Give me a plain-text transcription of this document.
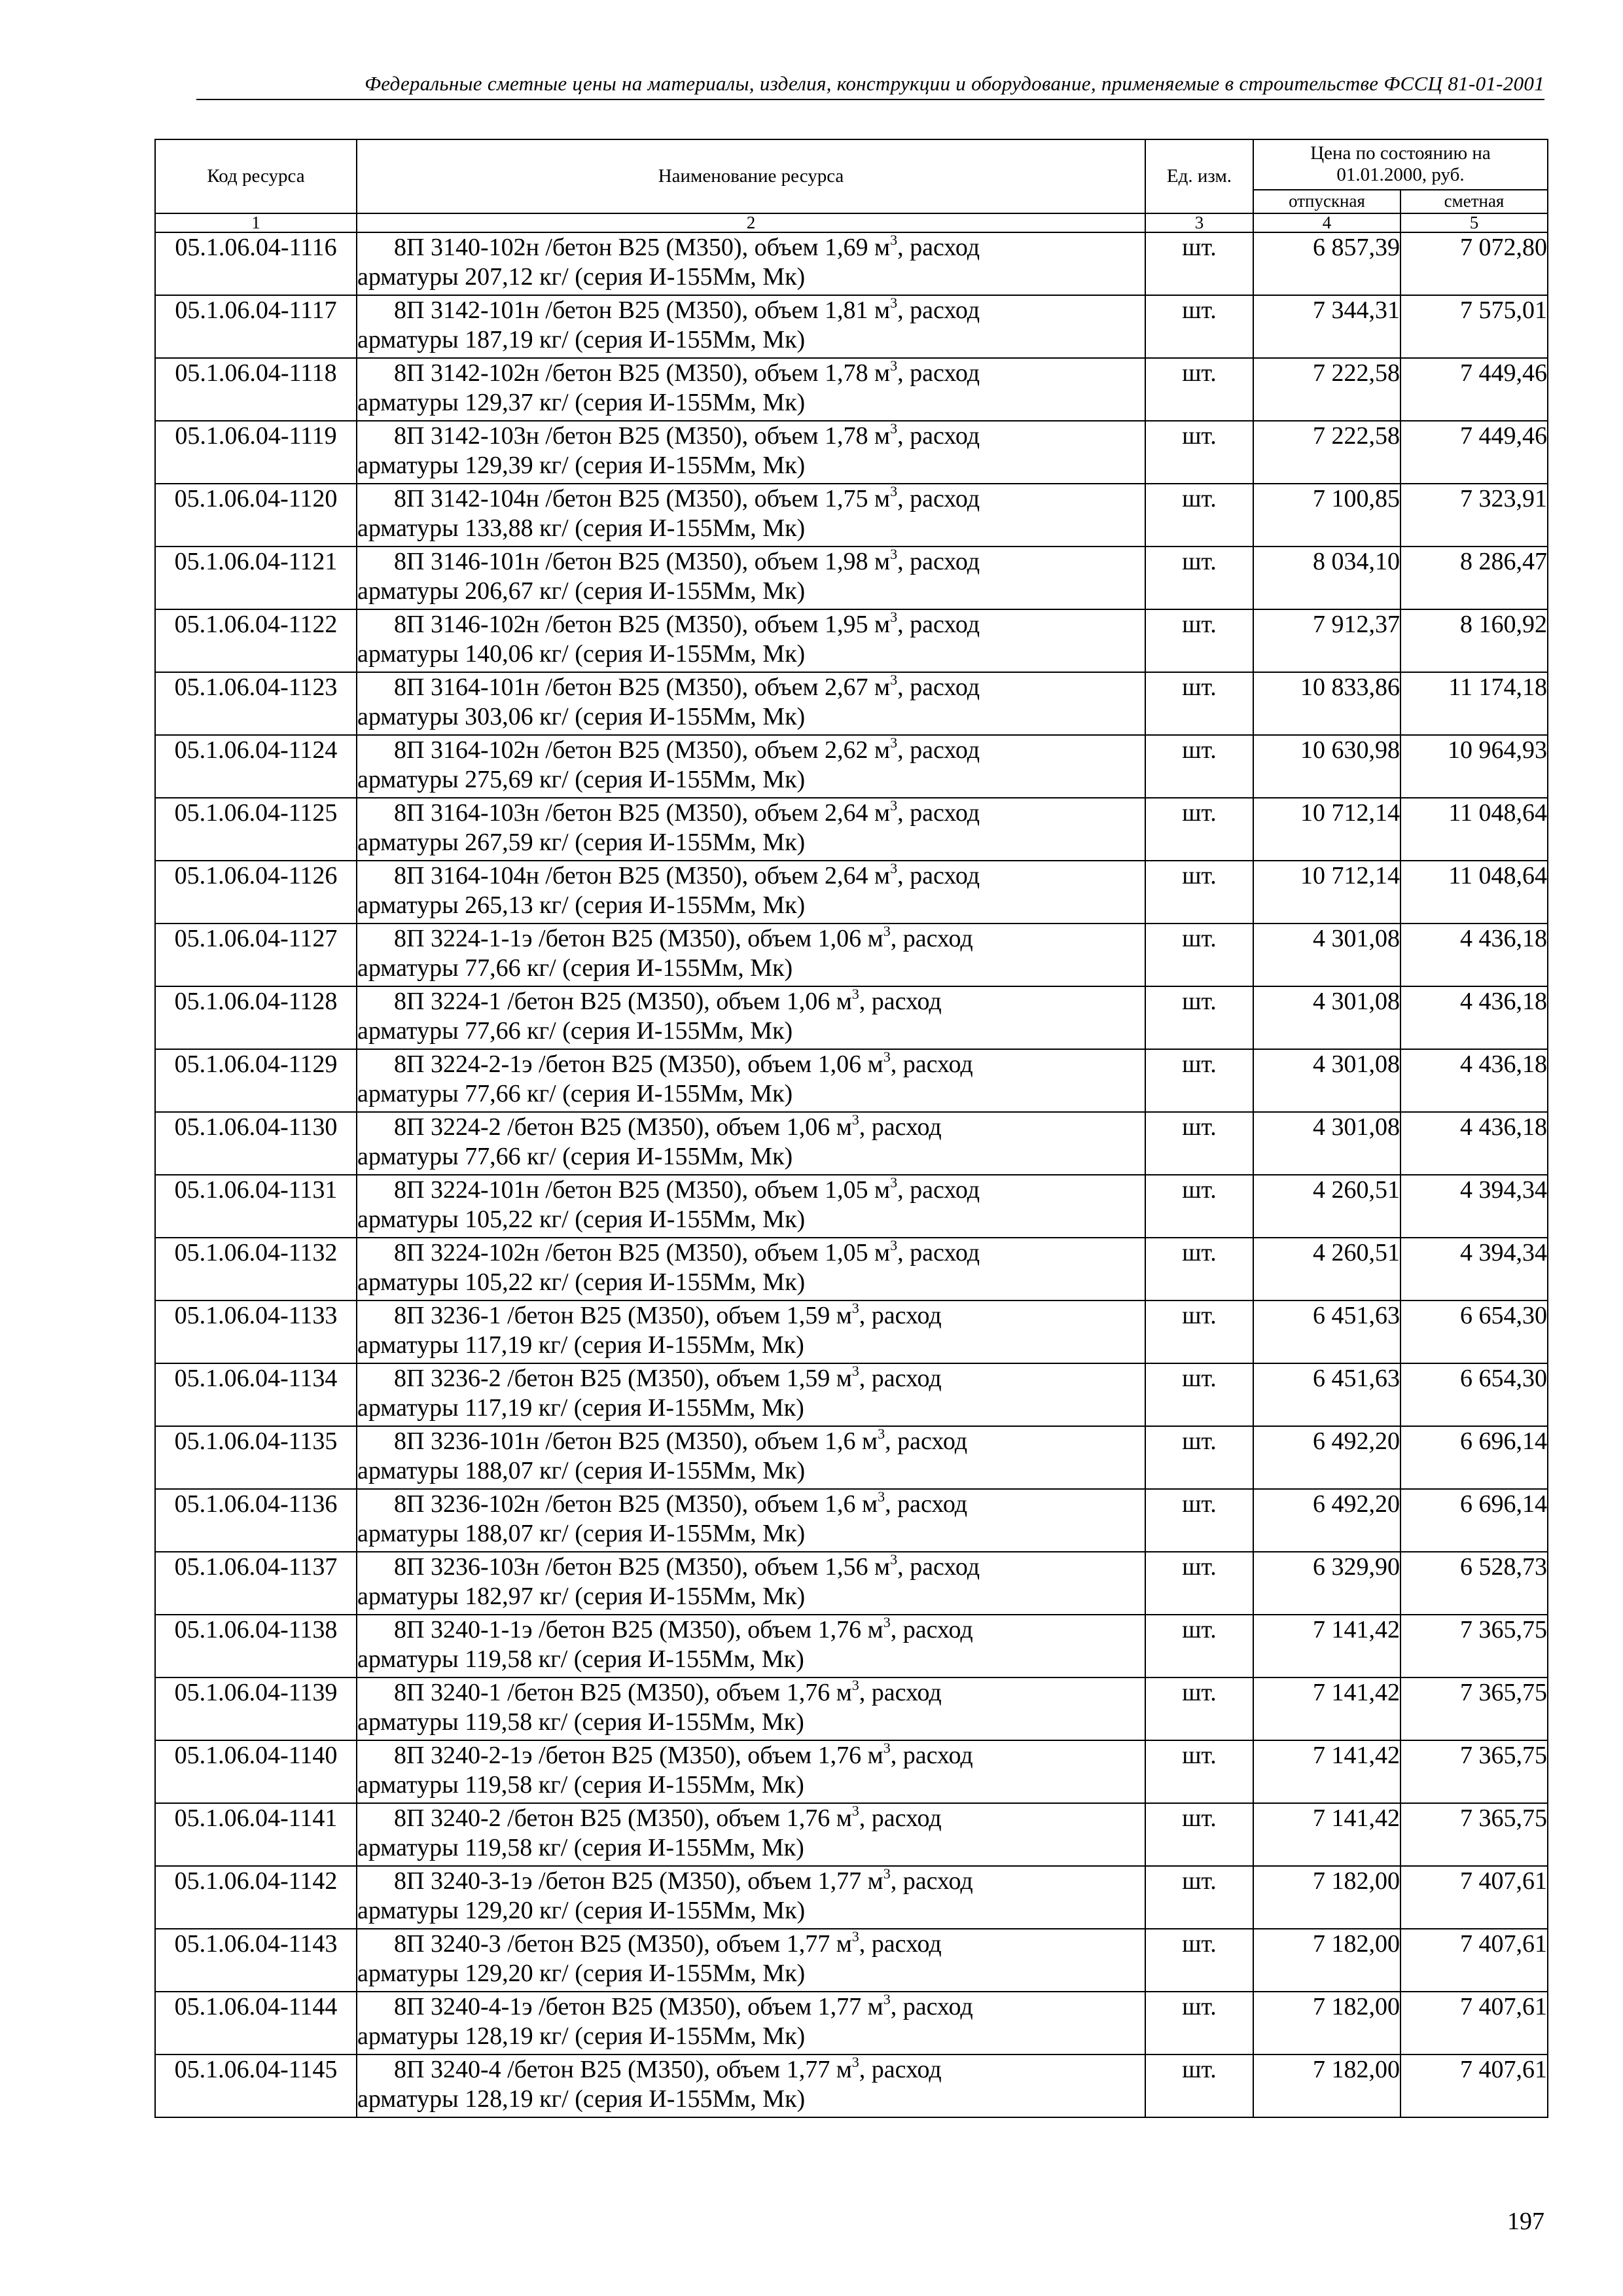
Федеральные сметные цены на материалы, изделия, конструкции и оборудование, применяемые в строительстве ФССЦ 81-01-2001
Код ресурса	Наименование ресурса	Ед. изм.	Цена по состоянию на 01.01.2000, руб.	
			отпускная	сметная
1	2	3	4	5
05.1.06.04-1116	8П 3140-102н /бетон В25 (М350), объем 1,69 $м^3$, расход
арматуры 207,12 кг/ (серия И-155Мм, Мк)	шт.	6 857,39	7 072,80
05.1.06.04-1117	8П 3142-101н /бетон В25 (М350), объем 1,81 $м^3$, расход
арматуры 187,19 кг/ (серия И-155Мм, Мк)	шт.	7 344,31	7 575,01
05.1.06.04-1118	8П 3142-102н /бетон В25 (М350), объем 1,78 $м^3$, расход
арматуры 129,37 кг/ (серия И-155Мм, Мк)	шт.	7 222,58	7 449,46
05.1.06.04-1119	8П 3142-103н /бетон В25 (М350), объем 1,78 $м^3$, расход
арматуры 129,39 кг/ (серия И-155Мм, Мк)	шт.	7 222,58	7 449,46
05.1.06.04-1120	8П 3142-104н /бетон В25 (М350), объем 1,75 $м^3$, расход
арматуры 133,88 кг/ (серия И-155Мм, Мк)	шт.	7 100,85	7 323,91
05.1.06.04-1121	8П 3146-101н /бетон В25 (М350), объем 1,98 $м^3$, расход
арматуры 206,67 кг/ (серия И-155Мм, Мк)	шт.	8 034,10	8 286,47
05.1.06.04-1122	8П 3146-102н /бетон В25 (М350), объем 1,95 $м^3$, расход
арматуры 140,06 кг/ (серия И-155Мм, Мк)	шт.	7 912,37	8 160,92
05.1.06.04-1123	8П 3164-101н /бетон В25 (М350), объем 2,67 $м^3$, расход
арматуры 303,06 кг/ (серия И-155Мм, Мк)	шт.	10 833,86	11 174,18
05.1.06.04-1124	8П 3164-102н /бетон В25 (М350), объем 2,62 $м^3$, расход
арматуры 275,69 кг/ (серия И-155Мм, Мк)	шт.	10 630,98	10 964,93
05.1.06.04-1125	8П 3164-103н /бетон В25 (М350), объем 2,64 $м^3$, расход
арматуры 267,59 кг/ (серия И-155Мм, Мк)	шт.	10 712,14	11 048,64
05.1.06.04-1126	8П 3164-104н /бетон В25 (М350), объем 2,64 $м^3$, расход
арматуры 265,13 кг/ (серия И-155Мм, Мк)	шт.	10 712,14	11 048,64
05.1.06.04-1127	8П 3224-1-1э /бетон В25 (М350), объем 1,06 $м^3$, расход
арматуры 77,66 кг/ (серия И-155Мм, Мк)	шт.	4 301,08	4 436,18
05.1.06.04-1128	8П 3224-1 /бетон В25 (М350), объем 1,06 $м^3$, расход
арматуры 77,66 кг/ (серия И-155Мм, Мк)	шт.	4 301,08	4 436,18
05.1.06.04-1129	8П 3224-2-1э /бетон В25 (М350), объем 1,06 $м^3$, расход
арматуры 77,66 кг/ (серия И-155Мм, Мк)	шт.	4 301,08	4 436,18
05.1.06.04-1130	8П 3224-2 /бетон В25 (М350), объем 1,06 $м^3$, расход
арматуры 77,66 кг/ (серия И-155Мм, Мк)	шт.	4 301,08	4 436,18
05.1.06.04-1131	8П 3224-101н /бетон В25 (М350), объем 1,05 $м^3$, расход
арматуры 105,22 кг/ (серия И-155Мм, Мк)	шт.	4 260,51	4 394,34
05.1.06.04-1132	8П 3224-102н /бетон В25 (М350), объем 1,05 $м^3$, расход
арматуры 105,22 кг/ (серия И-155Мм, Мк)	шт.	4 260,51	4 394,34
05.1.06.04-1133	8П 3236-1 /бетон В25 (М350), объем 1,59 $м^3$, расход
арматуры 117,19 кг/ (серия И-155Мм, Мк)	шт.	6 451,63	6 654,30
05.1.06.04-1134	8П 3236-2 /бетон В25 (М350), объем 1,59 $м^3$, расход
арматуры 117,19 кг/ (серия И-155Мм, Мк)	шт.	6 451,63	6 654,30
05.1.06.04-1135	8П 3236-101н /бетон В25 (М350), объем 1,6 $м^3$, расход
арматуры 188,07 кг/ (серия И-155Мм, Мк)	шт.	6 492,20	6 696,14
05.1.06.04-1136	8П 3236-102н /бетон В25 (М350), объем 1,6 $м^3$, расход
арматуры 188,07 кг/ (серия И-155Мм, Мк)	шт.	6 492,20	6 696,14
05.1.06.04-1137	8П 3236-103н /бетон В25 (М350), объем 1,56 $м^3$, расход
арматуры 182,97 кг/ (серия И-155Мм, Мк)	шт.	6 329,90	6 528,73
05.1.06.04-1138	8П 3240-1-1э /бетон В25 (М350), объем 1,76 $м^3$, расход
арматуры 119,58 кг/ (серия И-155Мм, Мк)	шт.	7 141,42	7 365,75
05.1.06.04-1139	8П 3240-1 /бетон В25 (М350), объем 1,76 $м^3$, расход
арматуры 119,58 кг/ (серия И-155Мм, Мк)	шт.	7 141,42	7 365,75
05.1.06.04-1140	8П 3240-2-1э /бетон В25 (М350), объем 1,76 $м^3$, расход
арматуры 119,58 кг/ (серия И-155Мм, Мк)	шт.	7 141,42	7 365,75
05.1.06.04-1141	8П 3240-2 /бетон В25 (М350), объем 1,76 $м^3$, расход
арматуры 119,58 кг/ (серия И-155Мм, Мк)	шт.	7 141,42	7 365,75
05.1.06.04-1142	8П 3240-3-1э /бетон В25 (М350), объем 1,77 $м^3$, расход
арматуры 129,20 кг/ (серия И-155Мм, Мк)	шт.	7 182,00	7 407,61
05.1.06.04-1143	8П 3240-3 /бетон В25 (М350), объем 1,77 $м^3$, расход
арматуры 129,20 кг/ (серия И-155Мм, Мк)	шт.	7 182,00	7 407,61
05.1.06.04-1144	8П 3240-4-1э /бетон В25 (М350), объем 1,77 $м^3$, расход
арматуры 128,19 кг/ (серия И-155Мм, Мк)	шт.	7 182,00	7 407,61
05.1.06.04-1145	8П 3240-4 /бетон В25 (М350), объем 1,77 $м^3$, расход
арматуры 128,19 кг/ (серия И-155Мм, Мк)	шт.	7 182,00	7 407,61
197
